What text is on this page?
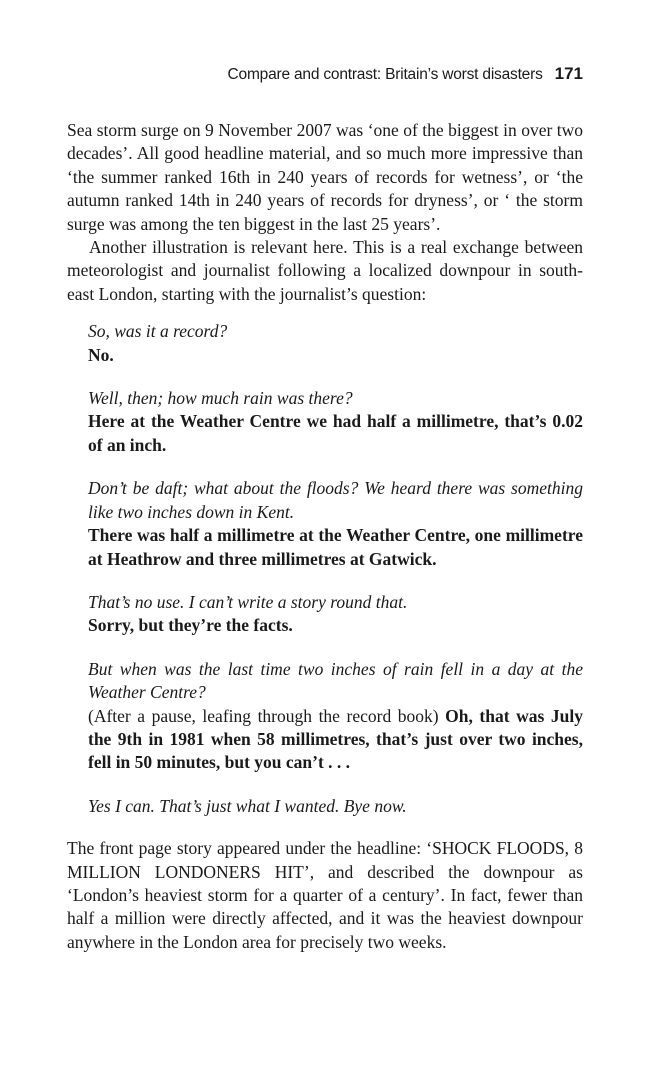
Compare and contrast: Britain’s worst disasters 171

Sea storm surge on 9 November 2007 was ‘one of the biggest in over two decades’. All good headline material, and so much more impressive than ‘the summer ranked 16th in 240 years of records for wetness’, or ‘the autumn ranked 14th in 240 years of records for dryness’, or ‘ the storm surge was among the ten biggest in the last 25 years’.

Another illustration is relevant here. This is a real exchange between meteorologist and journalist following a localized downpour in south-east London, starting with the journalist’s question:

So, was it a record?

No.

Well, then; how much rain was there?

Here at the Weather Centre we had half a millimetre, that’s 0.02 of an inch.

Don’t be daft; what about the floods? We heard there was something like two inches down in Kent.

There was half a millimetre at the Weather Centre, one millimetre at Heathrow and three millimetres at Gatwick.

That’s no use. I can’t write a story round that.

Sorry, but they’re the facts.

But when was the last time two inches of rain fell in a day at the Weather Centre?

(After a pause, leafing through the record book) Oh, that was July the 9th in 1981 when 58 millimetres, that’s just over two inches, fell in 50 minutes, but you can’t . . .

Yes I can. That’s just what I wanted. Bye now.

The front page story appeared under the headline: ‘SHOCK FLOODS, 8 MILLION LONDONERS HIT’, and described the downpour as ‘London’s heaviest storm for a quarter of a century’. In fact, fewer than half a million were directly affected, and it was the heaviest downpour anywhere in the London area for precisely two weeks.
